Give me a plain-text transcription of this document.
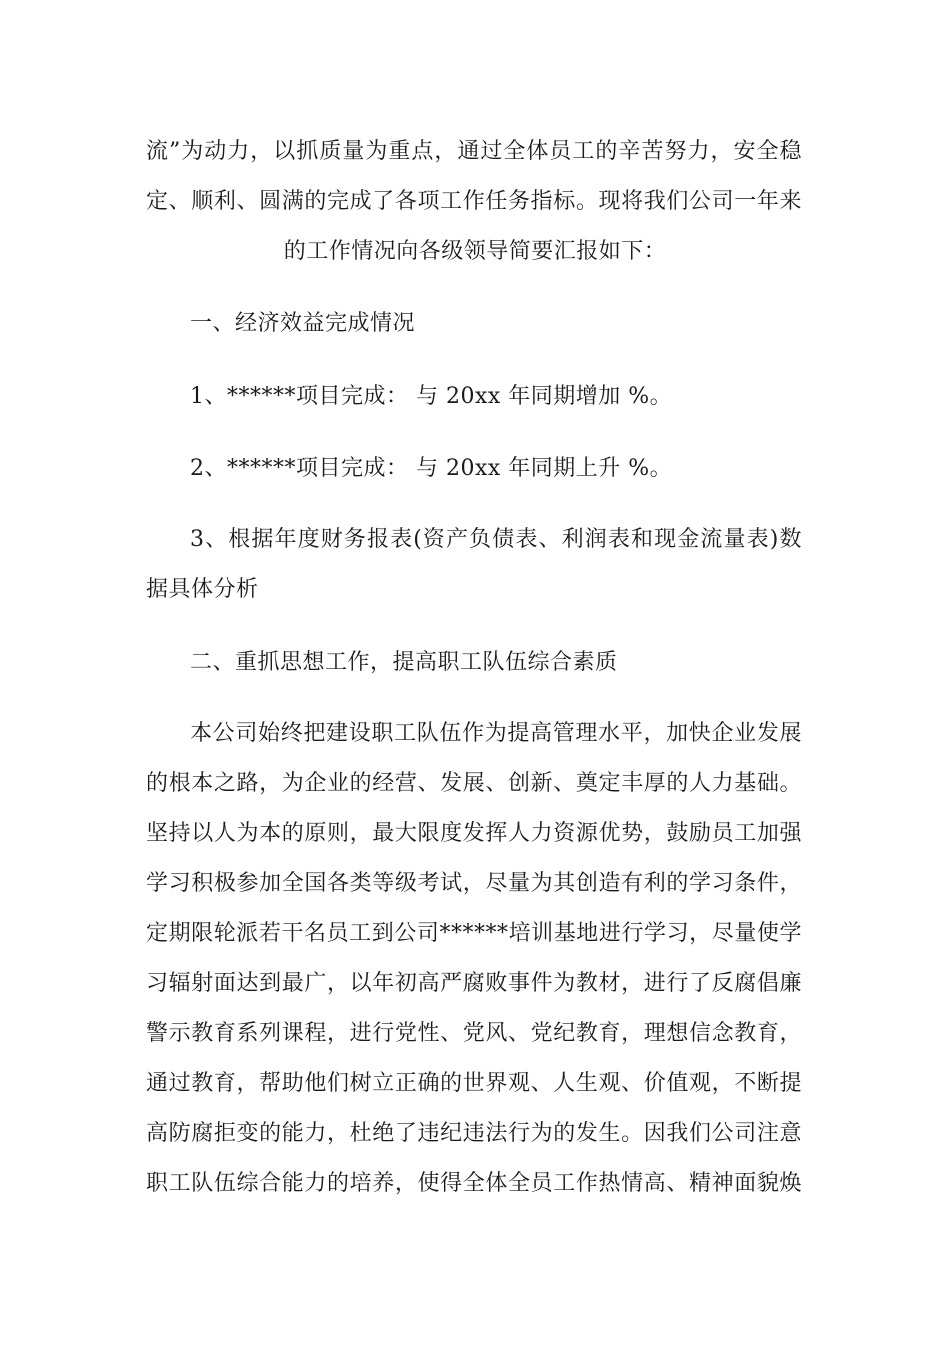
流”为动力，以抓质量为重点，通过全体员工的辛苦努力，安全稳
定、顺利、圆满的完成了各项工作任务指标。现将我们公司一年来
的工作情况向各级领导简要汇报如下：
一、经济效益完成情况
1、******项目完成： 与 20xx 年同期增加 %。
2、******项目完成： 与 20xx 年同期上升 %。
3、根据年度财务报表(资产负债表、利润表和现金流量表)数
据具体分析
二、重抓思想工作，提高职工队伍综合素质
本公司始终把建设职工队伍作为提高管理水平，加快企业发展
的根本之路，为企业的经营、发展、创新、奠定丰厚的人力基础。
坚持以人为本的原则，最大限度发挥人力资源优势，鼓励员工加强
学习积极参加全国各类等级考试，尽量为其创造有利的学习条件，
定期限轮派若干名员工到公司******培训基地进行学习，尽量使学
习辐射面达到最广，以年初高严腐败事件为教材，进行了反腐倡廉
警示教育系列课程，进行党性、党风、党纪教育，理想信念教育，
通过教育，帮助他们树立正确的世界观、人生观、价值观，不断提
高防腐拒变的能力，杜绝了违纪违法行为的发生。因我们公司注意
职工队伍综合能力的培养，使得全体全员工作热情高、精神面貌焕
